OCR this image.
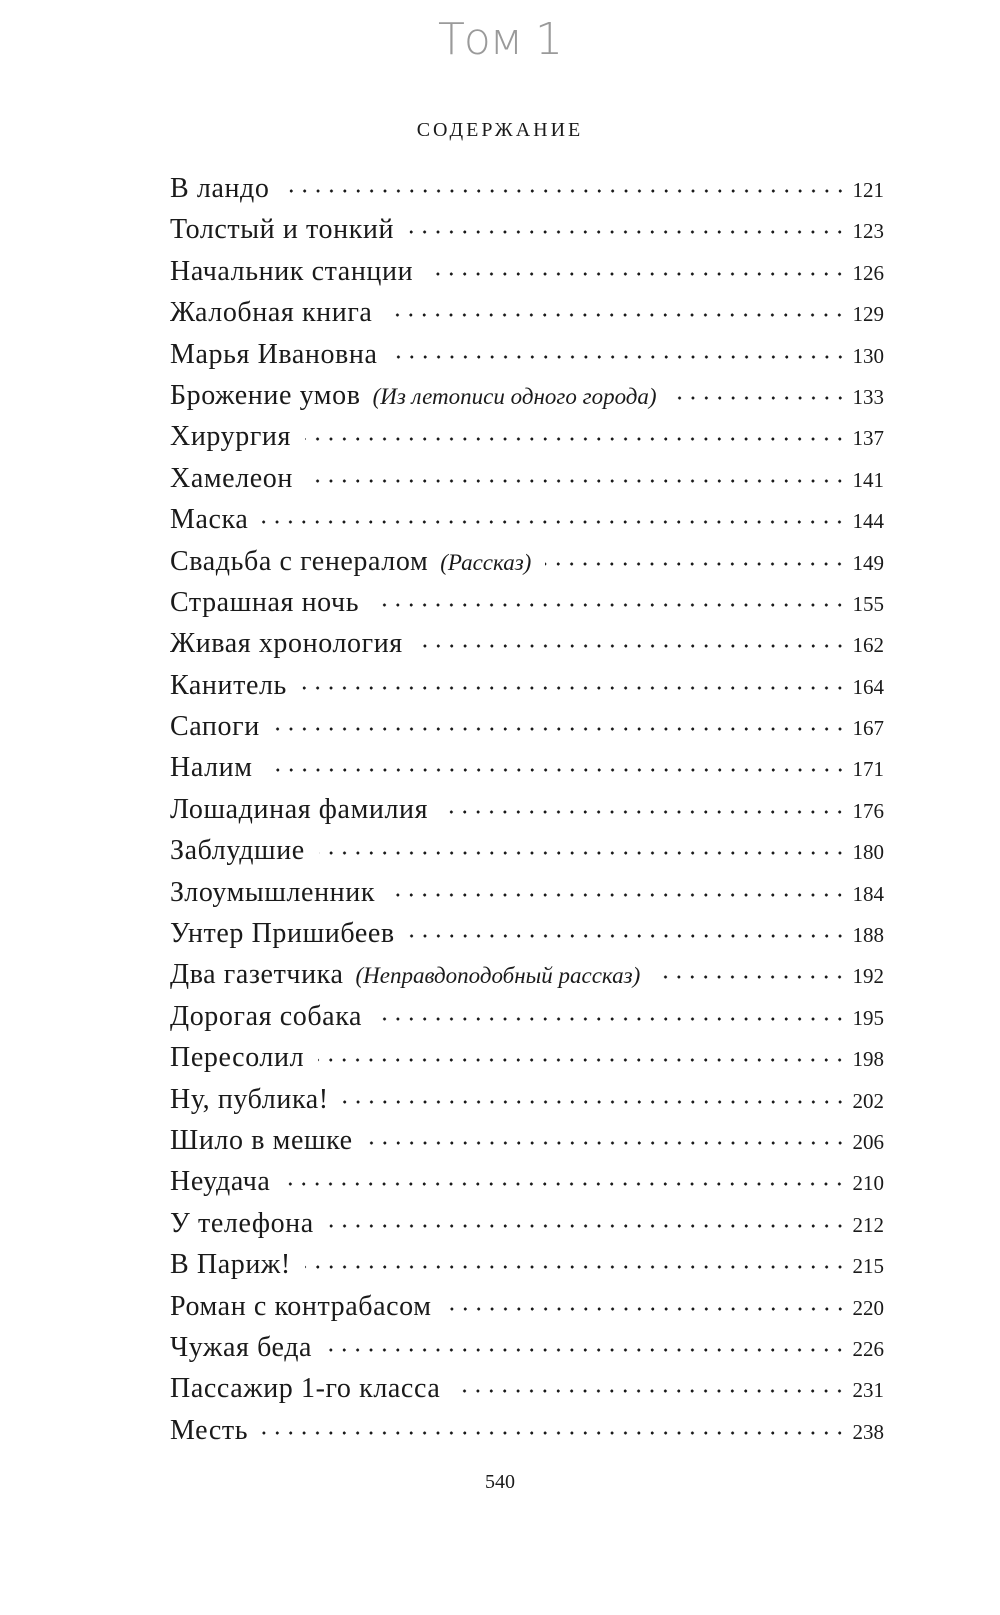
Том 1
СОДЕРЖАНИЕ
В ландо	121
Толстый и тонкий	123
Начальник станции	126
Жалобная книга	129
Марья Ивановна	130
Брожение умов (Из летописи одного города)	133
Хирургия	137
Хамелеон	141
Маска	144
Свадьба с генералом (Рассказ)	149
Страшная ночь	155
Живая хронология	162
Канитель	164
Сапоги	167
Налим	171
Лошадиная фамилия	176
Заблудшие	180
Злоумышленник	184
Унтер Пришибеев	188
Два газетчика (Неправдоподобный рассказ)	192
Дорогая собака	195
Пересолил	198
Ну, публика!	202
Шило в мешке	206
Неудача	210
У телефона	212
В Париж!	215
Роман с контрабасом	220
Чужая беда	226
Пассажир 1-го класса	231
Месть	238
540
